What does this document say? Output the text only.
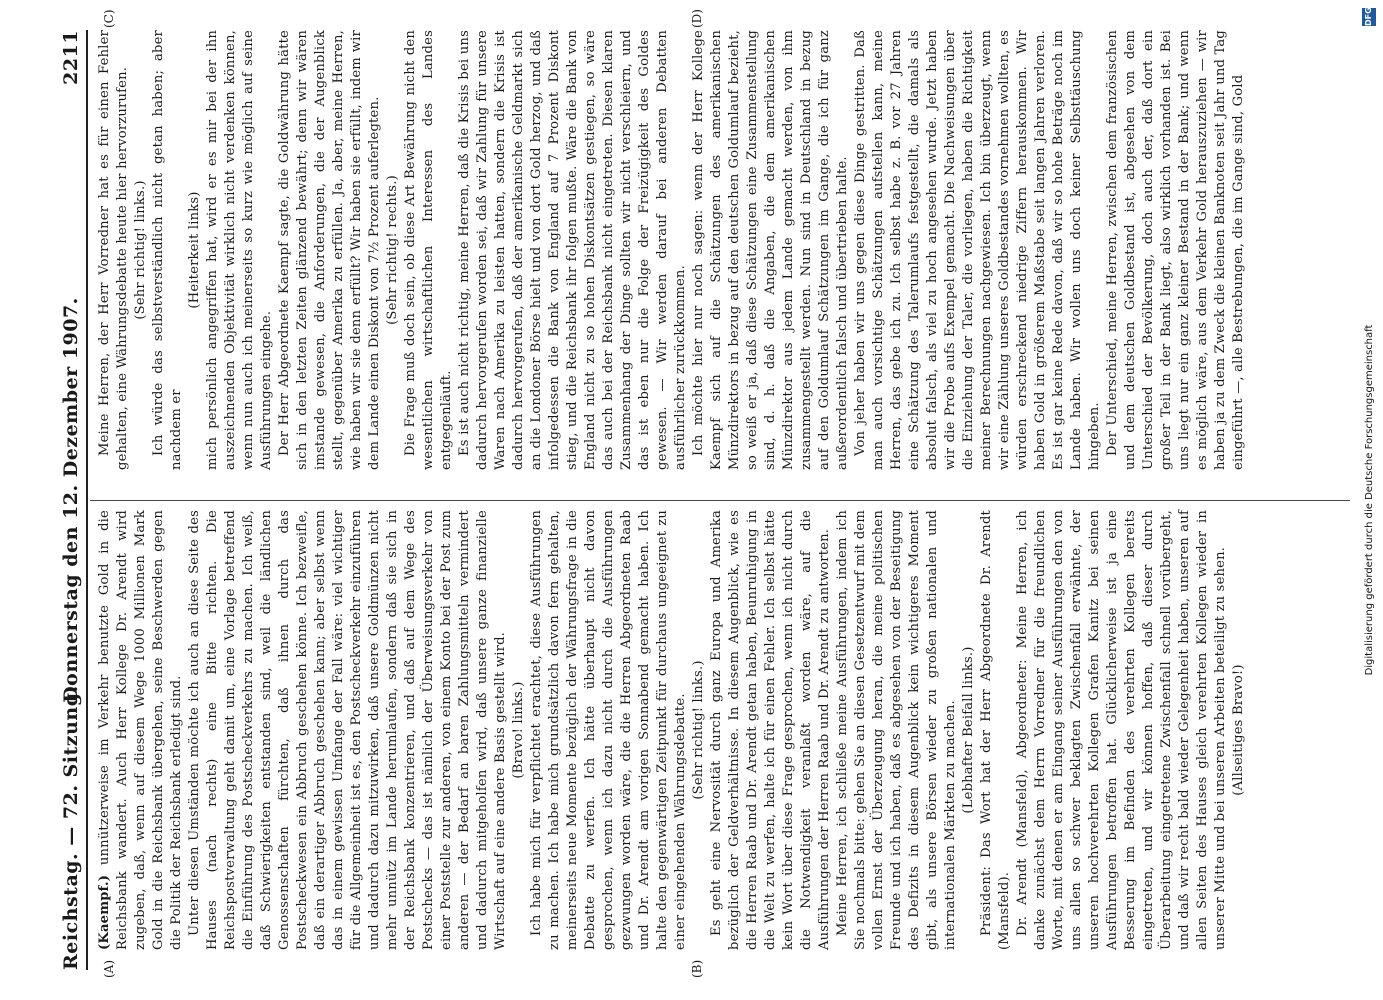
Reichstag. — 72. Sitzung.
Donnerstag den 12. Dezember 1907.
2211
(A)	(B)
(C)	(D)

(Kaempf.) unnützerweise im Verkehr benutzte Gold in die Reichsbank wandert. Auch Herr Kollege Dr. Arendt wird zugeben, daß, wenn auf diesem Wege 1000 Millionen Mark Gold in die Reichsbank übergehen, seine Beschwerden gegen die Politik der Reichsbank erledigt sind. Unter diesen Umständen möchte ich auch an diese Seite des Hauses (nach rechts) eine Bitte richten. Die Reichspostverwaltung geht damit um, eine Vorlage betreffend die Einführung des Postscheckverkehrs zu machen. Ich weiß, daß Schwierigkeiten entstanden sind, weil die ländlichen Genossenschaften fürchten, daß ihnen durch das Postscheckwesen ein Abbruch geschehen könne. Ich bezweifle, daß ein derartiger Abbruch geschehen kann; aber selbst wenn das in einem gewissen Umfange der Fall wäre: viel wichtiger für die Allgemeinheit ist es, den Postscheckverkehr einzuführen und dadurch dazu mitzuwirken, daß unsere Goldmünzen nicht mehr unnütz im Lande herumlaufen, sondern daß sie sich in der Reichsbank konzentrieren, und daß auf dem Wege des Postschecks — das ist nämlich der Überweisungsverkehr von einer Poststelle zur anderen, von einem Konto bei der Post zum anderen — der Bedarf an baren Zahlungsmitteln vermindert und dadurch mitgeholfen wird, daß unsere ganze finanzielle Wirtschaft auf eine andere Basis gestellt wird. (Bravo! links.) Ich habe mich für verpflichtet erachtet, diese Ausführungen zu machen. Ich habe mich grundsätzlich davon fern gehalten, meinerseits neue Momente bezüglich der Währungsfrage in die Debatte zu werfen. Ich hätte überhaupt nicht davon gesprochen, wenn ich dazu nicht durch die Ausführungen gezwungen worden wäre, die die Herren Abgeordneten Raab und Dr. Arendt am vorigen Sonnabend gemacht haben. Ich halte den gegenwärtigen Zeitpunkt für durchaus ungeeignet zu einer eingehenden Währungsdebatte. (Sehr richtig! links.) Es geht eine Nervosität durch ganz Europa und Amerika bezüglich der Geldverhältnisse. In diesem Augenblick, wie es die Herren Raab und Dr. Arendt getan haben, Beunruhigung in die Welt zu werfen, halte ich für einen Fehler. Ich selbst hätte kein Wort über diese Frage gesprochen, wenn ich nicht durch die Notwendigkeit veranlaßt worden wäre, auf die Ausführungen der Herren Raab und Dr. Arendt zu antworten. Meine Herren, ich schließe meine Ausführungen, indem ich Sie nochmals bitte: gehen Sie an diesen Gesetzentwurf mit dem vollen Ernst der Überzeugung heran, die meine politischen Freunde und ich haben, daß es abgesehen von der Beseitigung des Defizits in diesem Augenblick kein wichtigeres Moment gibt, als unsere Börsen wieder zu großen nationalen und internationalen Märkten zu machen. (Lebhafter Beifall links.) Präsident: Das Wort hat der Herr Abgeordnete Dr. Arendt (Mansfeld). Dr. Arendt (Mansfeld), Abgeordneter: Meine Herren, ich danke zunächst dem Herrn Vorredner für die freundlichen Worte, mit denen er am Eingang seiner Ausführungen den von uns allen so schwer beklagten Zwischenfall erwähnte, der unseren hochverehrten Kollegen Grafen Kanitz bei seinen Ausführungen betroffen hat. Glücklicherweise ist ja eine Besserung im Befinden des verehrten Kollegen bereits eingetreten, und wir können hoffen, daß dieser durch Überarbeitung eingetretene Zwischenfall schnell vorübergeht, und daß wir recht bald wieder Gelegenheit haben, unseren auf allen Seiten des Hauses gleich verehrten Kollegen wieder in unserer Mitte und bei unseren Arbeiten beteiligt zu sehen. (Allseitiges Bravo!)

Meine Herren, der Herr Vorredner hat es für einen Fehler gehalten, eine Währungsdebatte heute hier hervorzurufen. (Sehr richtig! links.) Ich würde das selbstverständlich nicht getan haben; aber nachdem er

(Heiterkeit links) mich persönlich angegriffen hat, wird er es mir bei der ihn auszeichnenden Objektivität wirklich nicht verdenken können, wenn nun auch ich meinerseits so kurz wie möglich auf seine Ausführungen eingehe. Der Herr Abgeordnete Kaempf sagte, die Goldwährung hätte sich in den letzten Zeiten glänzend bewährt; denn wir wären imstande gewesen, die Anforderungen, die der Augenblick stellt, gegenüber Amerika zu erfüllen. Ja, aber, meine Herren, wie haben wir sie denn erfüllt? Wir haben sie erfüllt, indem wir dem Lande einen Diskont von 7½ Prozent auferlegten. (Sehr richtig! rechts.) Die Frage muß doch sein, ob diese Art Bewährung nicht den wesentlichen wirtschaftlichen Interessen des Landes entgegenläuft. Es ist auch nicht richtig, meine Herren, daß die Krisis bei uns dadurch hervorgerufen worden sei, daß wir Zahlung für unsere Waren nach Amerika zu leisten hatten, sondern die Krisis ist dadurch hervorgerufen, daß der amerikanische Geldmarkt sich an die Londoner Börse hielt und von dort Gold herzog, und daß infolgedessen die Bank von England auf 7 Prozent Diskont stieg, und die Reichsbank ihr folgen mußte. Wäre die Bank von England nicht zu so hohen Diskontsätzen gestiegen, so wäre das auch bei der Reichsbank nicht eingetreten. Diesen klaren Zusammenhang der Dinge sollten wir nicht verschleiern, und das ist eben nur die Folge der Freizügigkeit des Goldes gewesen. — Wir werden darauf bei anderen Debatten ausführlicher zurückkommen. Ich möchte hier nur noch sagen: wenn der Herr Kollege Kaempf sich auf die Schätzungen des amerikanischen Münzdirektors in bezug auf den deutschen Goldumlauf bezieht, so weiß er ja, daß diese Schätzungen eine Zusammenstellung sind, d. h. daß die Angaben, die dem amerikanischen Münzdirektor aus jedem Lande gemacht werden, von ihm zusammengestellt werden. Nun sind in Deutschland in bezug auf den Goldumlauf Schätzungen im Gange, die ich für ganz außerordentlich falsch und übertrieben halte. Von jeher haben wir uns gegen diese Dinge gestritten. Daß man auch vorsichtige Schätzungen aufstellen kann, meine Herren, das gebe ich zu. Ich selbst habe z. B. vor 27 Jahren eine Schätzung des Talerumlaufs festgestellt, die damals als absolut falsch, als viel zu hoch angesehen wurde. Jetzt haben wir die Probe aufs Exempel gemacht. Die Nachweisungen über die Einziehung der Taler, die vorliegen, haben die Richtigkeit meiner Berechnungen nachgewiesen. Ich bin überzeugt, wenn wir eine Zählung unseres Goldbestandes vornehmen wollten, es würden erschreckend niedrige Ziffern herauskommen. Wir haben Gold in größerem Maßstabe seit langen Jahren verloren. Es ist gar keine Rede davon, daß wir so hohe Beträge noch im Lande haben. Wir wollen uns doch keiner Selbsttäuschung hingeben. Der Unterschied, meine Herren, zwischen dem französischen und dem deutschen Goldbestand ist, abgesehen von dem Unterschied der Bevölkerung, doch auch der, daß dort ein großer Teil in der Bank liegt, also wirklich vorhanden ist. Bei uns liegt nur ein ganz kleiner Bestand in der Bank; und wenn es möglich wäre, aus dem Verkehr Gold herauszuziehen — wir haben ja zu dem Zweck die kleinen Banknoten seit Jahr und Tag eingeführt —, alle Bestrebungen, die im Gange sind, Gold

Digitalisierung gefördert durch die Deutsche Forschungsgemeinschaft
DFG
